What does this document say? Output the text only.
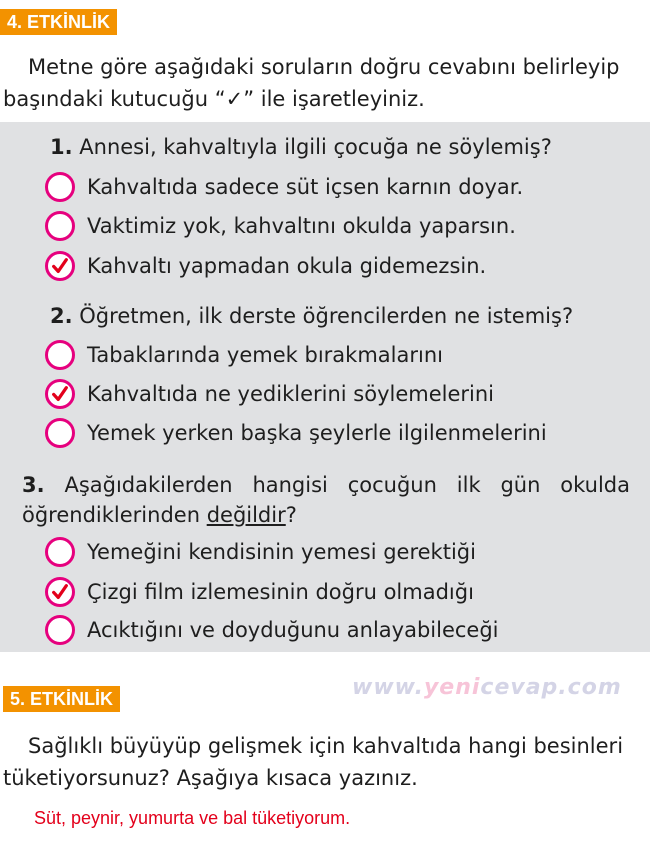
4. ETKİNLİK
Metne göre aşağıdaki soruların doğru cevabını belirleyip
başındaki kutucuğu “✓” ile işaretleyiniz.
1. Annesi, kahvaltıyla ilgili çocuğa ne söylemiş?
Kahvaltıda sadece süt içsen karnın doyar.
Vaktimiz yok, kahvaltını okulda yaparsın.
Kahvaltı yapmadan okula gidemezsin.
2. Öğretmen, ilk derste öğrencilerden ne istemiş?
Tabaklarında yemek bırakmalarını
Kahvaltıda ne yediklerini söylemelerini
Yemek yerken başka şeylerle ilgilenmelerini
3. Aşağıdakilerden hangisi çocuğun ilk gün okulda
öğrendiklerinden değildir?
Yemeğini kendisinin yemesi gerektiği
Çizgi film izlemesinin doğru olmadığı
Acıktığını ve doyduğunu anlayabileceği
www.yenicevap.com
5. ETKİNLİK
Sağlıklı büyüyüp gelişmek için kahvaltıda hangi besinleri
tüketiyorsunuz? Aşağıya kısaca yazınız.
Süt, peynir, yumurta ve bal tüketiyorum.
